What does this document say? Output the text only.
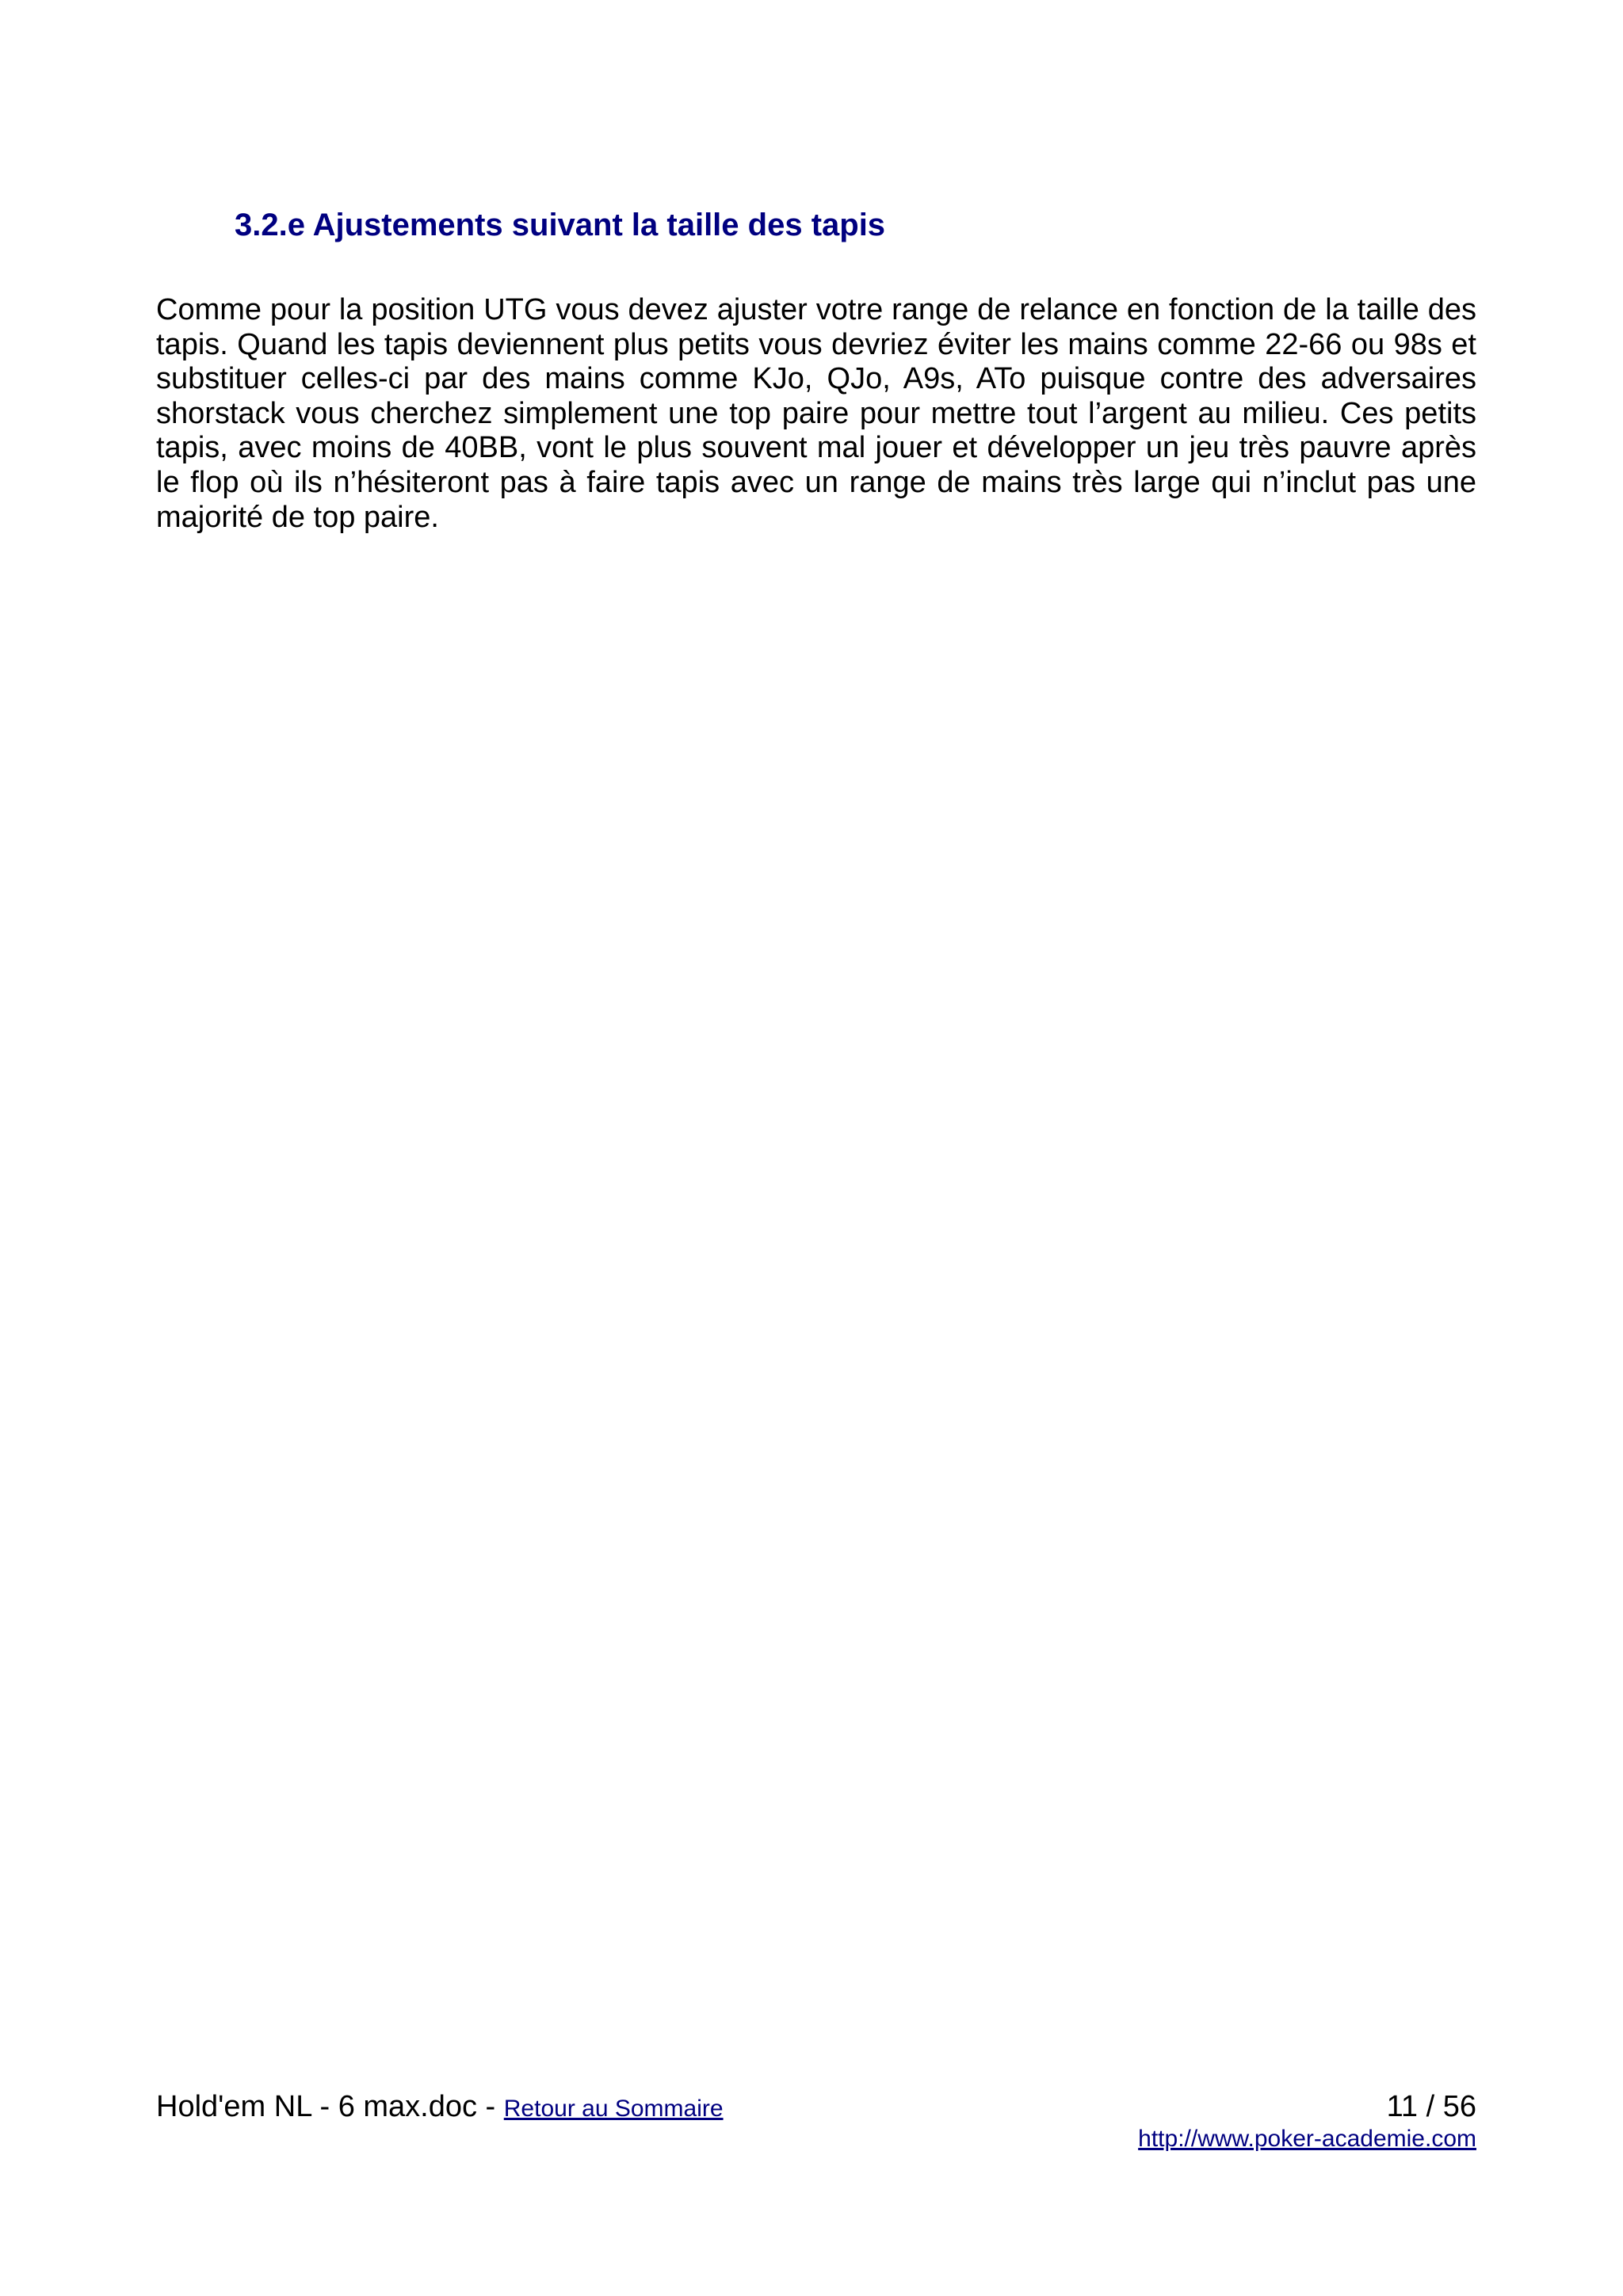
3.2.e Ajustements suivant la taille des tapis

Comme pour la position UTG vous devez ajuster votre range de relance en fonction de la taille des tapis. Quand les tapis deviennent plus petits vous devriez éviter les mains comme 22-66 ou 98s et substituer celles-ci par des mains comme KJo, QJo, A9s, ATo puisque contre des adversaires shorstack vous cherchez simplement une top paire pour mettre tout l’argent au milieu. Ces petits tapis, avec moins de 40BB, vont le plus souvent mal jouer et développer un jeu très pauvre après le flop où ils n’hésiteront pas à faire tapis avec un range de mains très large qui n’inclut pas une majorité de top paire.

Hold'em NL - 6 max.doc - Retour au Sommaire	11 / 56
http://www.poker-academie.com
